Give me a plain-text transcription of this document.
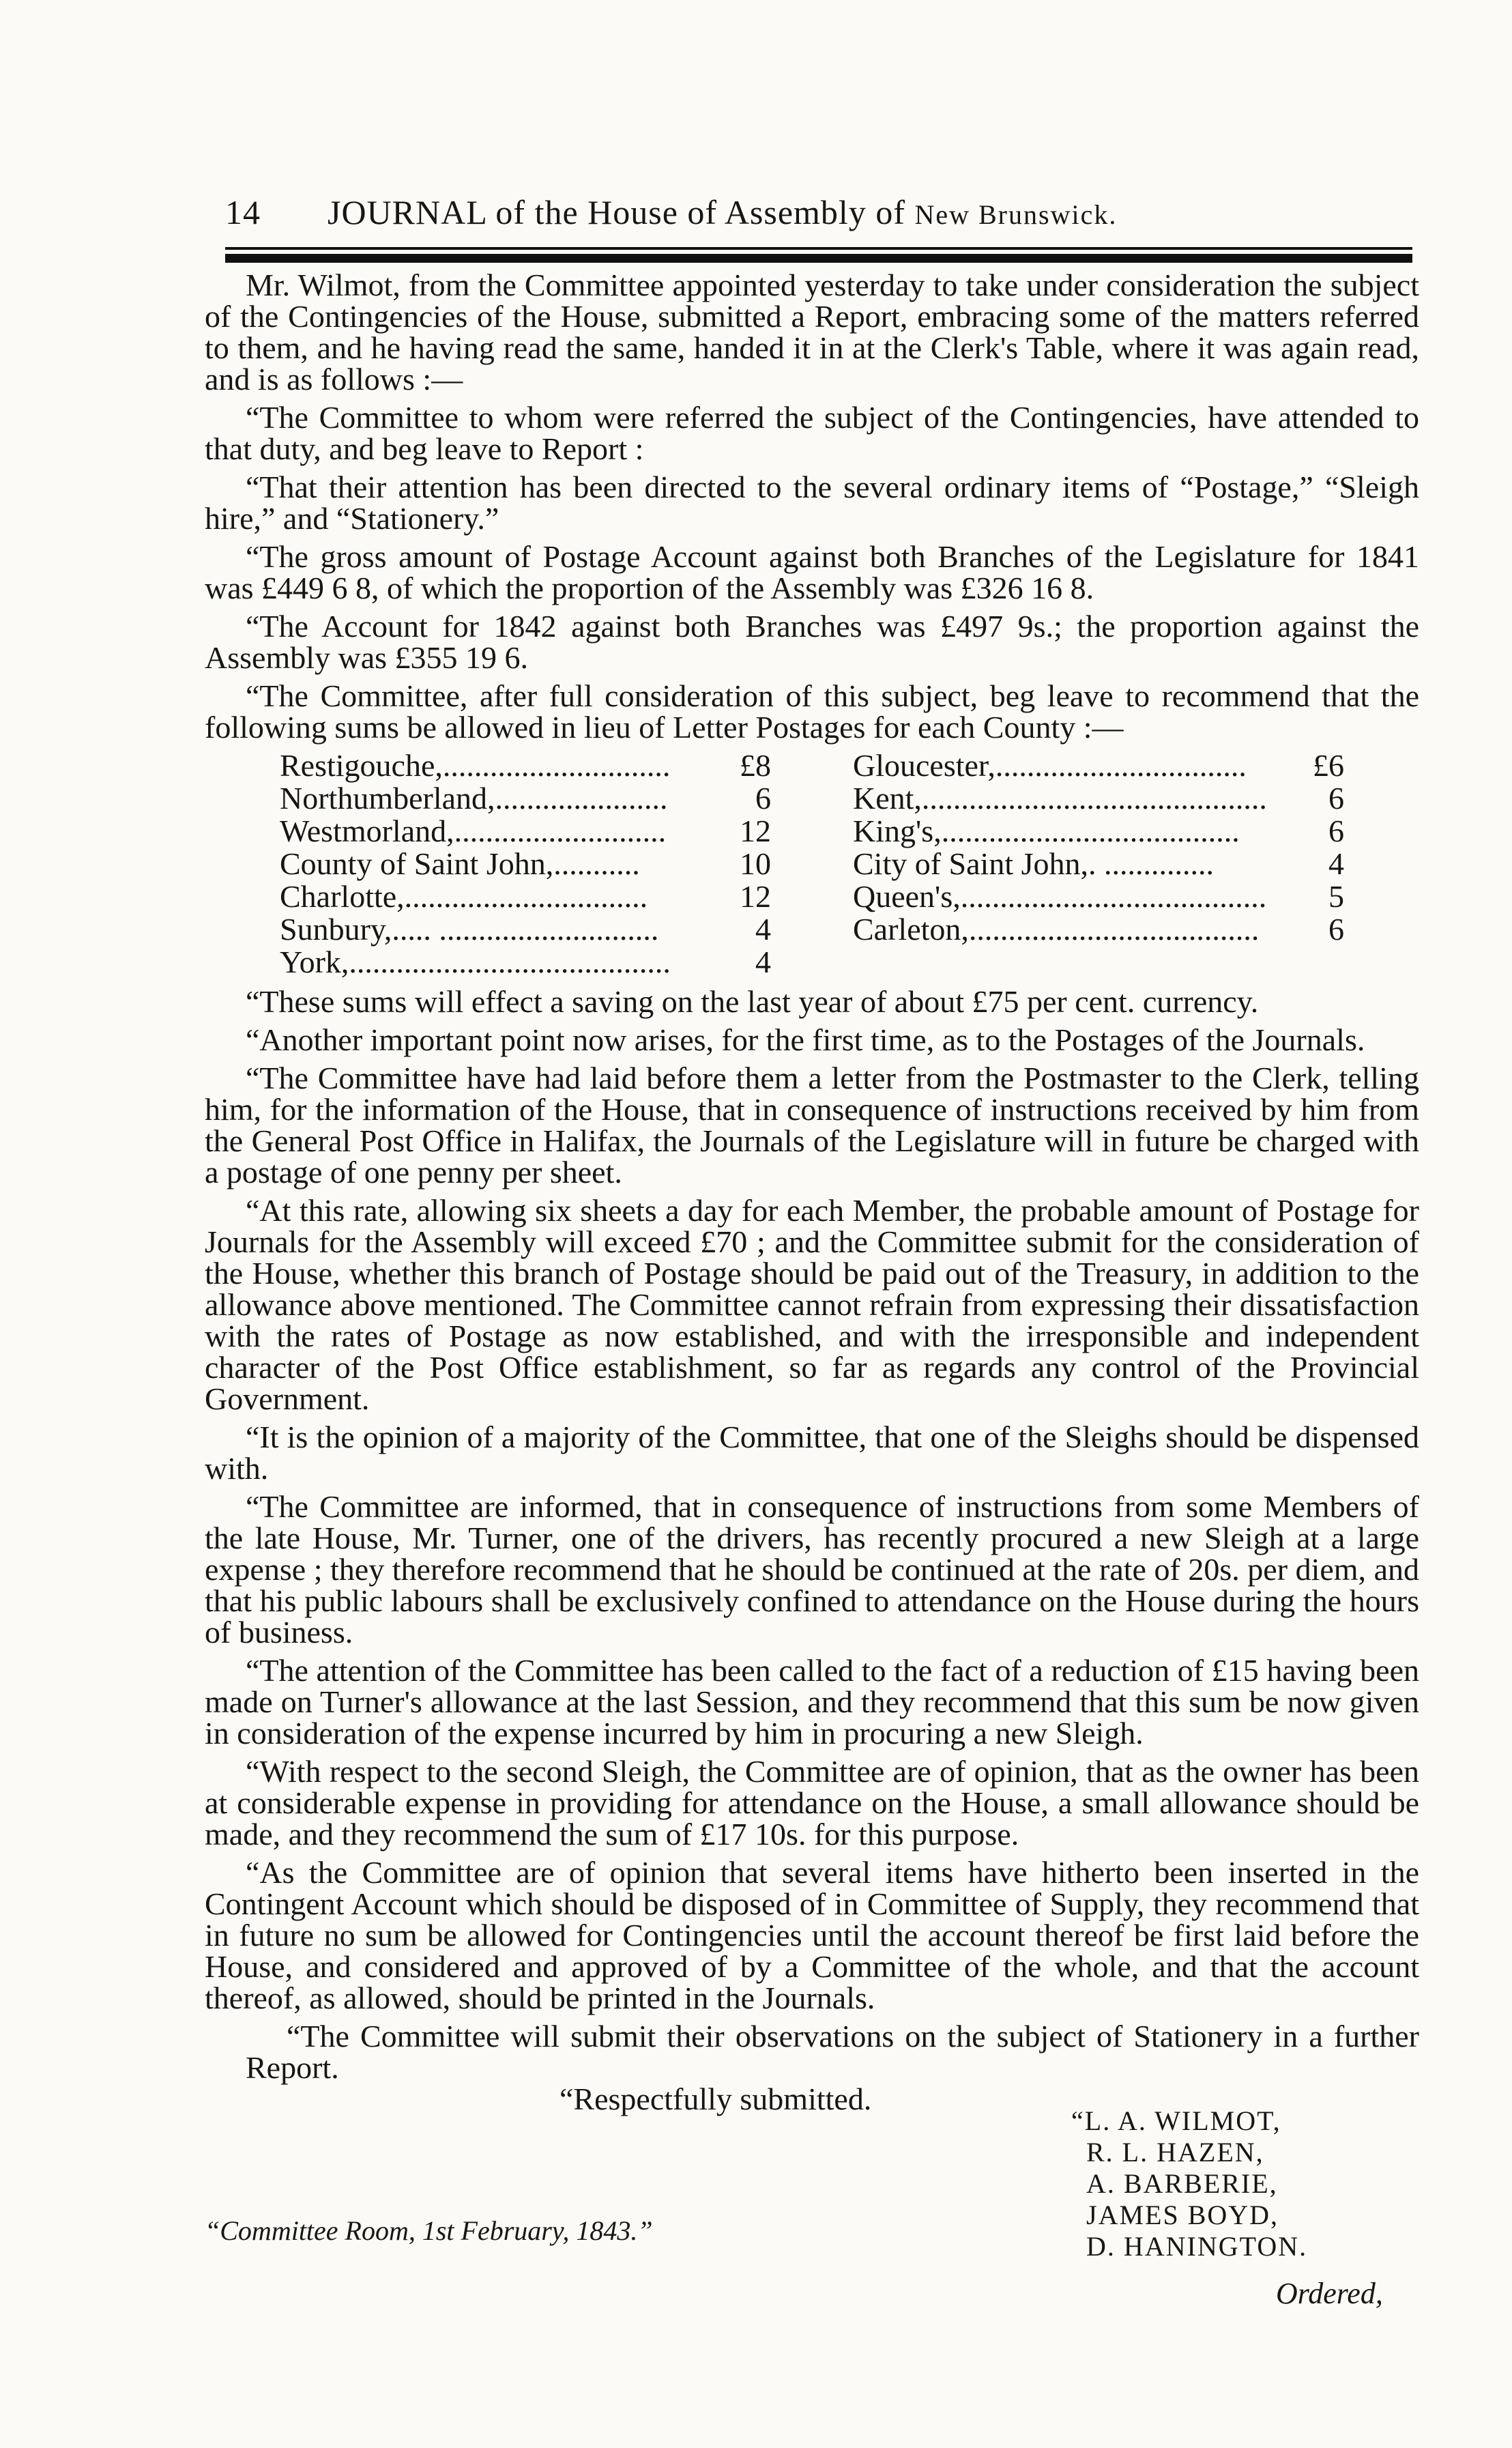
14	JOURNAL of the House of Assembly of New Brunswick.

Mr. Wilmot, from the Committee appointed yesterday to take under consideration the subject of the Contingencies of the House, submitted a Report, embracing some of the matters referred to them, and he having read the same, handed it in at the Clerk's Table, where it was again read, and is as follows :—

“The Committee to whom were referred the subject of the Contingencies, have attended to that duty, and beg leave to Report :

“That their attention has been directed to the several ordinary items of “Postage,” “Sleigh hire,” and “Stationery.”

“The gross amount of Postage Account against both Branches of the Legislature for 1841 was £449 6 8, of which the proportion of the Assembly was £326 16 8.

“The Account for 1842 against both Branches was £497 9s.; the proportion against the Assembly was £355 19 6.

“The Committee, after full consideration of this subject, beg leave to recommend that the following sums be allowed in lieu of Letter Postages for each County :—

Restigouche,.............................	£8
Northumberland,......................	6
Westmorland,...........................	12
County of Saint John,...........	10
Charlotte,...............................	12
Sunbury,..... ............................	4
York,.........................................	4
Gloucester,................................	£6
Kent,............................................	6
King's,......................................	6
City of Saint John,. ..............	4
Queen's,.......................................	5
Carleton,.....................................	6

“These sums will effect a saving on the last year of about £75 per cent. currency.

“Another important point now arises, for the first time, as to the Postages of the Journals.

“The Committee have had laid before them a letter from the Postmaster to the Clerk, telling him, for the information of the House, that in consequence of instructions received by him from the General Post Office in Halifax, the Journals of the Legislature will in future be charged with a postage of one penny per sheet.

“At this rate, allowing six sheets a day for each Member, the probable amount of Postage for Journals for the Assembly will exceed £70 ; and the Committee submit for the consideration of the House, whether this branch of Postage should be paid out of the Treasury, in addition to the allowance above mentioned. The Committee cannot refrain from expressing their dissatisfaction with the rates of Postage as now established, and with the irresponsible and independent character of the Post Office establishment, so far as regards any control of the Provincial Government.

“It is the opinion of a majority of the Committee, that one of the Sleighs should be dispensed with.

“The Committee are informed, that in consequence of instructions from some Members of the late House, Mr. Turner, one of the drivers, has recently procured a new Sleigh at a large expense ; they therefore recommend that he should be continued at the rate of 20s. per diem, and that his public labours shall be exclusively confined to attendance on the House during the hours of business.

“The attention of the Committee has been called to the fact of a reduction of £15 having been made on Turner's allowance at the last Session, and they recommend that this sum be now given in consideration of the expense incurred by him in procuring a new Sleigh.

“With respect to the second Sleigh, the Committee are of opinion, that as the owner has been at considerable expense in providing for attendance on the House, a small allowance should be made, and they recommend the sum of £17 10s. for this purpose.

“As the Committee are of opinion that several items have hitherto been inserted in the Contingent Account which should be disposed of in Committee of Supply, they recommend that in future no sum be allowed for Contingencies until the account thereof be first laid before the House, and considered and approved of by a Committee of the whole, and that the account thereof, as allowed, should be printed in the Journals.

“The Committee will submit their observations on the subject of Stationery in a further Report.
“Respectfully submitted.
“L. A. WILMOT,
R. L. HAZEN,
A. BARBERIE,
JAMES BOYD,
D. HANINGTON.
“Committee Room, 1st February, 1843.”
Ordered,
